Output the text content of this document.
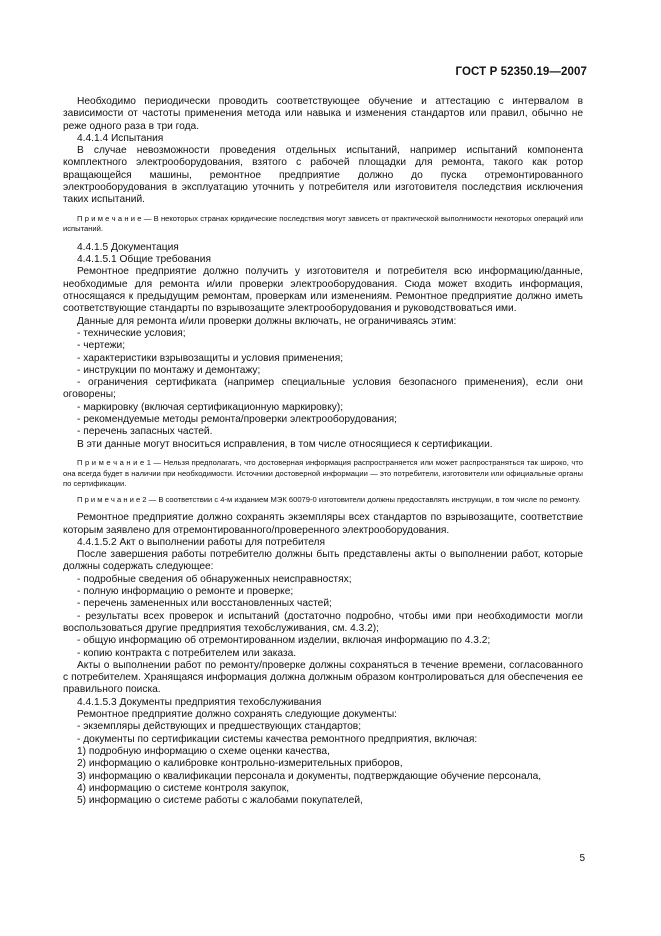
ГОСТ Р 52350.19—2007

Необходимо периодически проводить соответствующее обучение и аттестацию с интервалом в зависимости от частоты применения метода или навыка и изменения стандартов или правил, обычно не реже одного раза в три года.

4.4.1.4 Испытания

В случае невозможности проведения отдельных испытаний, например испытаний компонента комплектного электрооборудования, взятого с рабочей площадки для ремонта, такого как ротор вращающейся машины, ремонтное предприятие должно до пуска отремонтированного электрооборудования в эксплуатацию уточнить у потребителя или изготовителя последствия исключения таких испытаний.

П р и м е ч а н и е — В некоторых странах юридические последствия могут зависеть от практической выполнимости некоторых операций или испытаний.

4.4.1.5 Документация

4.4.1.5.1 Общие требования

Ремонтное предприятие должно получить у изготовителя и потребителя всю информацию/данные, необходимые для ремонта и/или проверки электрооборудования. Сюда может входить информация, относящаяся к предыдущим ремонтам, проверкам или изменениям. Ремонтное предприятие должно иметь соответствующие стандарты по взрывозащите электрооборудования и руководствоваться ими.

Данные для ремонта и/или проверки должны включать, не ограничиваясь этим:

- технические условия;

- чертежи;

- характеристики взрывозащиты и условия применения;

- инструкции по монтажу и демонтажу;

- ограничения сертификата (например специальные условия безопасного применения), если они оговорены;

- маркировку (включая сертификационную маркировку);

- рекомендуемые методы ремонта/проверки электрооборудования;

- перечень запасных частей.

В эти данные могут вноситься исправления, в том числе относящиеся к сертификации.

П р и м е ч а н и е 1 — Нельзя предполагать, что достоверная информация распространяется или может распространяться так широко, что она всегда будет в наличии при необходимости. Источники достоверной информации — это потребители, изготовители или официальные органы по сертификации.

П р и м е ч а н и е 2 — В соответствии с 4-м изданием МЭК 60079-0 изготовители должны предоставлять инструкции, в том числе по ремонту.

Ремонтное предприятие должно сохранять экземпляры всех стандартов по взрывозащите, соответствие которым заявлено для отремонтированного/проверенного электрооборудования.

4.4.1.5.2 Акт о выполнении работы для потребителя

После завершения работы потребителю должны быть представлены акты о выполнении работ, которые должны содержать следующее:

- подробные сведения об обнаруженных неисправностях;

- полную информацию о ремонте и проверке;

- перечень замененных или восстановленных частей;

- результаты всех проверок и испытаний (достаточно подробно, чтобы ими при необходимости могли воспользоваться другие предприятия техобслуживания, см. 4.3.2);

- общую информацию об отремонтированном изделии, включая информацию по 4.3.2;

- копию контракта с потребителем или заказа.

Акты о выполнении работ по ремонту/проверке должны сохраняться в течение времени, согласованного с потребителем. Хранящаяся информация должна должным образом контролироваться для обеспечения ее правильного поиска.

4.4.1.5.3 Документы предприятия техобслуживания

Ремонтное предприятие должно сохранять следующие документы:

- экземпляры действующих и предшествующих стандартов;

- документы по сертификации системы качества ремонтного предприятия, включая:

1) подробную информацию о схеме оценки качества,

2) информацию о калибровке контрольно-измерительных приборов,

3) информацию о квалификации персонала и документы, подтверждающие обучение персонала,

4) информацию о системе контроля закупок,

5) информацию о системе работы с жалобами покупателей,

5
